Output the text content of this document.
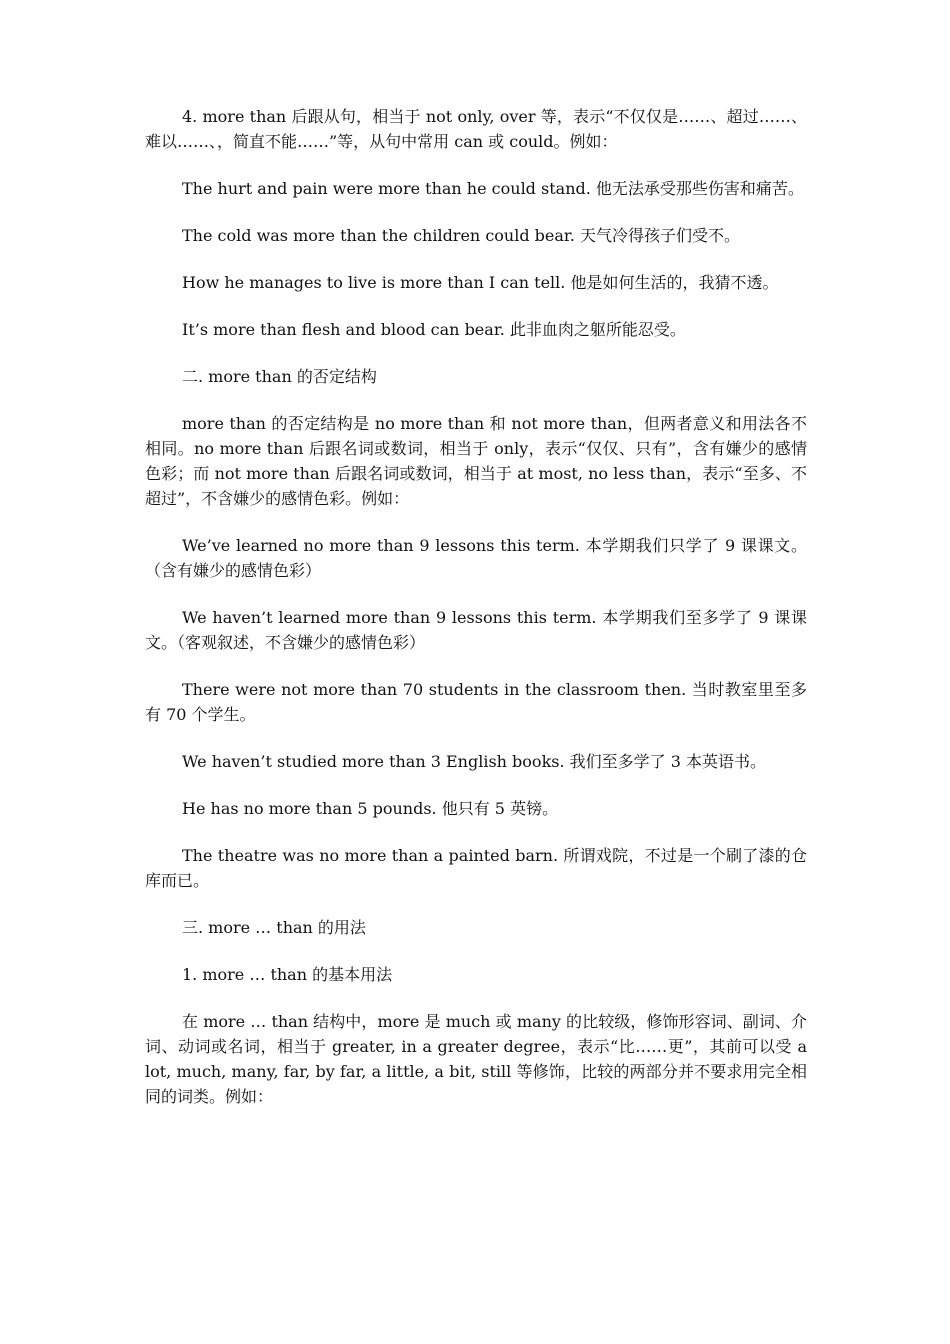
4. more than 后跟从句，相当于 not only, over 等，表示“不仅仅是……、超过……、难以……、，简直不能……”等，从句中常用 can 或 could。例如：

The hurt and pain were more than he could stand. 他无法承受那些伤害和痛苦。

The cold was more than the children could bear. 天气冷得孩子们受不。

How he manages to live is more than I can tell. 他是如何生活的，我猜不透。

It’s more than flesh and blood can bear. 此非血肉之躯所能忍受。

二. more than 的否定结构

more than 的否定结构是 no more than 和 not more than，但两者意义和用法各不相同。no more than 后跟名词或数词，相当于 only，表示“仅仅、只有”，含有嫌少的感情色彩；而 not more than 后跟名词或数词，相当于 at most, no less than，表示“至多、不超过”，不含嫌少的感情色彩。例如：

We’ve learned no more than 9 lessons this term. 本学期我们只学了 9 课课文。（含有嫌少的感情色彩）

We haven’t learned more than 9 lessons this term. 本学期我们至多学了 9 课课文。（客观叙述，不含嫌少的感情色彩）

There were not more than 70 students in the classroom then. 当时教室里至多有 70 个学生。

We haven’t studied more than 3 English books. 我们至多学了 3 本英语书。

He has no more than 5 pounds. 他只有 5 英镑。

The theatre was no more than a painted barn. 所谓戏院，不过是一个刷了漆的仓库而已。

三. more … than 的用法

1. more … than 的基本用法

在 more … than 结构中，more 是 much 或 many 的比较级，修饰形容词、副词、介词、动词或名词，相当于 greater, in a greater degree，表示“比……更”，其前可以受 a lot, much, many, far, by far, a little, a bit, still 等修饰，比较的两部分并不要求用完全相同的词类。例如：
